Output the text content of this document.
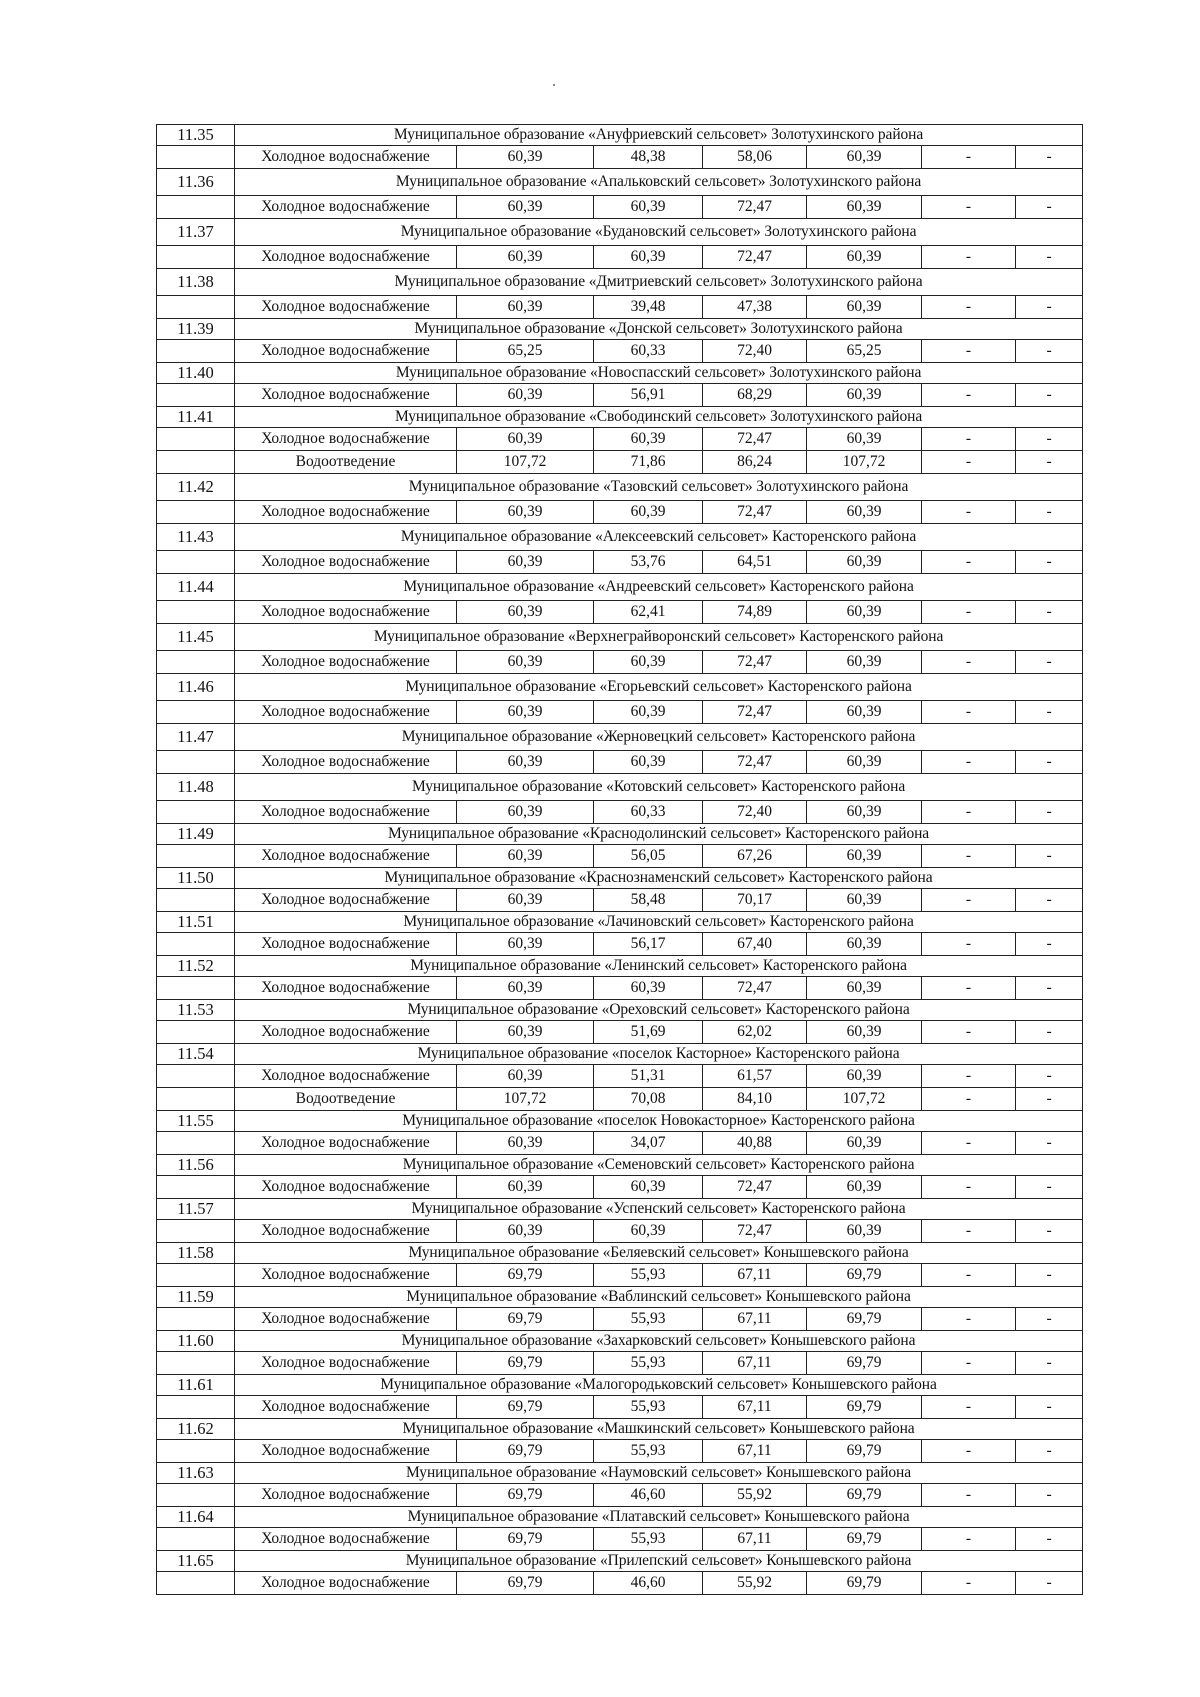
11.35	Муниципальное образование «Ануфриевский сельсовет» Золотухинского района						
	Холодное водоснабжение	60,39	48,38	58,06	60,39	-	-
11.36	Муниципальное образование «Апальковский сельсовет» Золотухинского района						
	Холодное водоснабжение	60,39	60,39	72,47	60,39	-	-
11.37	Муниципальное образование «Будановский сельсовет» Золотухинского района						
	Холодное водоснабжение	60,39	60,39	72,47	60,39	-	-
11.38	Муниципальное образование «Дмитриевский сельсовет» Золотухинского района						
	Холодное водоснабжение	60,39	39,48	47,38	60,39	-	-
11.39	Муниципальное образование «Донской сельсовет» Золотухинского района						
	Холодное водоснабжение	65,25	60,33	72,40	65,25	-	-
11.40	Муниципальное образование «Новоспасский сельсовет» Золотухинского района						
	Холодное водоснабжение	60,39	56,91	68,29	60,39	-	-
11.41	Муниципальное образование «Свободинский сельсовет» Золотухинского района						
	Холодное водоснабжение	60,39	60,39	72,47	60,39	-	-
	Водоотведение	107,72	71,86	86,24	107,72	-	-
11.42	Муниципальное образование «Тазовский сельсовет» Золотухинского района						
	Холодное водоснабжение	60,39	60,39	72,47	60,39	-	-
11.43	Муниципальное образование «Алексеевский сельсовет» Касторенского района						
	Холодное водоснабжение	60,39	53,76	64,51	60,39	-	-
11.44	Муниципальное образование «Андреевский сельсовет» Касторенского района						
	Холодное водоснабжение	60,39	62,41	74,89	60,39	-	-
11.45	Муниципальное образование «Верхнеграйворонский сельсовет» Касторенского района						
	Холодное водоснабжение	60,39	60,39	72,47	60,39	-	-
11.46	Муниципальное образование «Егорьевский сельсовет» Касторенского района						
	Холодное водоснабжение	60,39	60,39	72,47	60,39	-	-
11.47	Муниципальное образование «Жерновецкий сельсовет» Касторенского района						
	Холодное водоснабжение	60,39	60,39	72,47	60,39	-	-
11.48	Муниципальное образование «Котовский сельсовет» Касторенского района						
	Холодное водоснабжение	60,39	60,33	72,40	60,39	-	-
11.49	Муниципальное образование «Краснодолинский сельсовет» Касторенского района						
	Холодное водоснабжение	60,39	56,05	67,26	60,39	-	-
11.50	Муниципальное образование «Краснознаменский сельсовет» Касторенского района						
	Холодное водоснабжение	60,39	58,48	70,17	60,39	-	-
11.51	Муниципальное образование «Лачиновский сельсовет» Касторенского района						
	Холодное водоснабжение	60,39	56,17	67,40	60,39	-	-
11.52	Муниципальное образование «Ленинский сельсовет» Касторенского района						
	Холодное водоснабжение	60,39	60,39	72,47	60,39	-	-
11.53	Муниципальное образование «Ореховский сельсовет» Касторенского района						
	Холодное водоснабжение	60,39	51,69	62,02	60,39	-	-
11.54	Муниципальное образование «поселок Касторное» Касторенского района						
	Холодное водоснабжение	60,39	51,31	61,57	60,39	-	-
	Водоотведение	107,72	70,08	84,10	107,72	-	-
11.55	Муниципальное образование «поселок Новокасторное» Касторенского района						
	Холодное водоснабжение	60,39	34,07	40,88	60,39	-	-
11.56	Муниципальное образование «Семеновский сельсовет» Касторенского района						
	Холодное водоснабжение	60,39	60,39	72,47	60,39	-	-
11.57	Муниципальное образование «Успенский сельсовет» Касторенского района						
	Холодное водоснабжение	60,39	60,39	72,47	60,39	-	-
11.58	Муниципальное образование «Беляевский сельсовет» Конышевского района						
	Холодное водоснабжение	69,79	55,93	67,11	69,79	-	-
11.59	Муниципальное образование «Ваблинский сельсовет» Конышевского района						
	Холодное водоснабжение	69,79	55,93	67,11	69,79	-	-
11.60	Муниципальное образование «Захарковский сельсовет» Конышевского района						
	Холодное водоснабжение	69,79	55,93	67,11	69,79	-	-
11.61	Муниципальное образование «Малогородьковский сельсовет» Конышевского района						
	Холодное водоснабжение	69,79	55,93	67,11	69,79	-	-
11.62	Муниципальное образование «Машкинский сельсовет» Конышевского района						
	Холодное водоснабжение	69,79	55,93	67,11	69,79	-	-
11.63	Муниципальное образование «Наумовский сельсовет» Конышевского района						
	Холодное водоснабжение	69,79	46,60	55,92	69,79	-	-
11.64	Муниципальное образование «Платавский сельсовет» Конышевского района						
	Холодное водоснабжение	69,79	55,93	67,11	69,79	-	-
11.65	Муниципальное образование «Прилепский сельсовет» Конышевского района						
	Холодное водоснабжение	69,79	46,60	55,92	69,79	-	-
